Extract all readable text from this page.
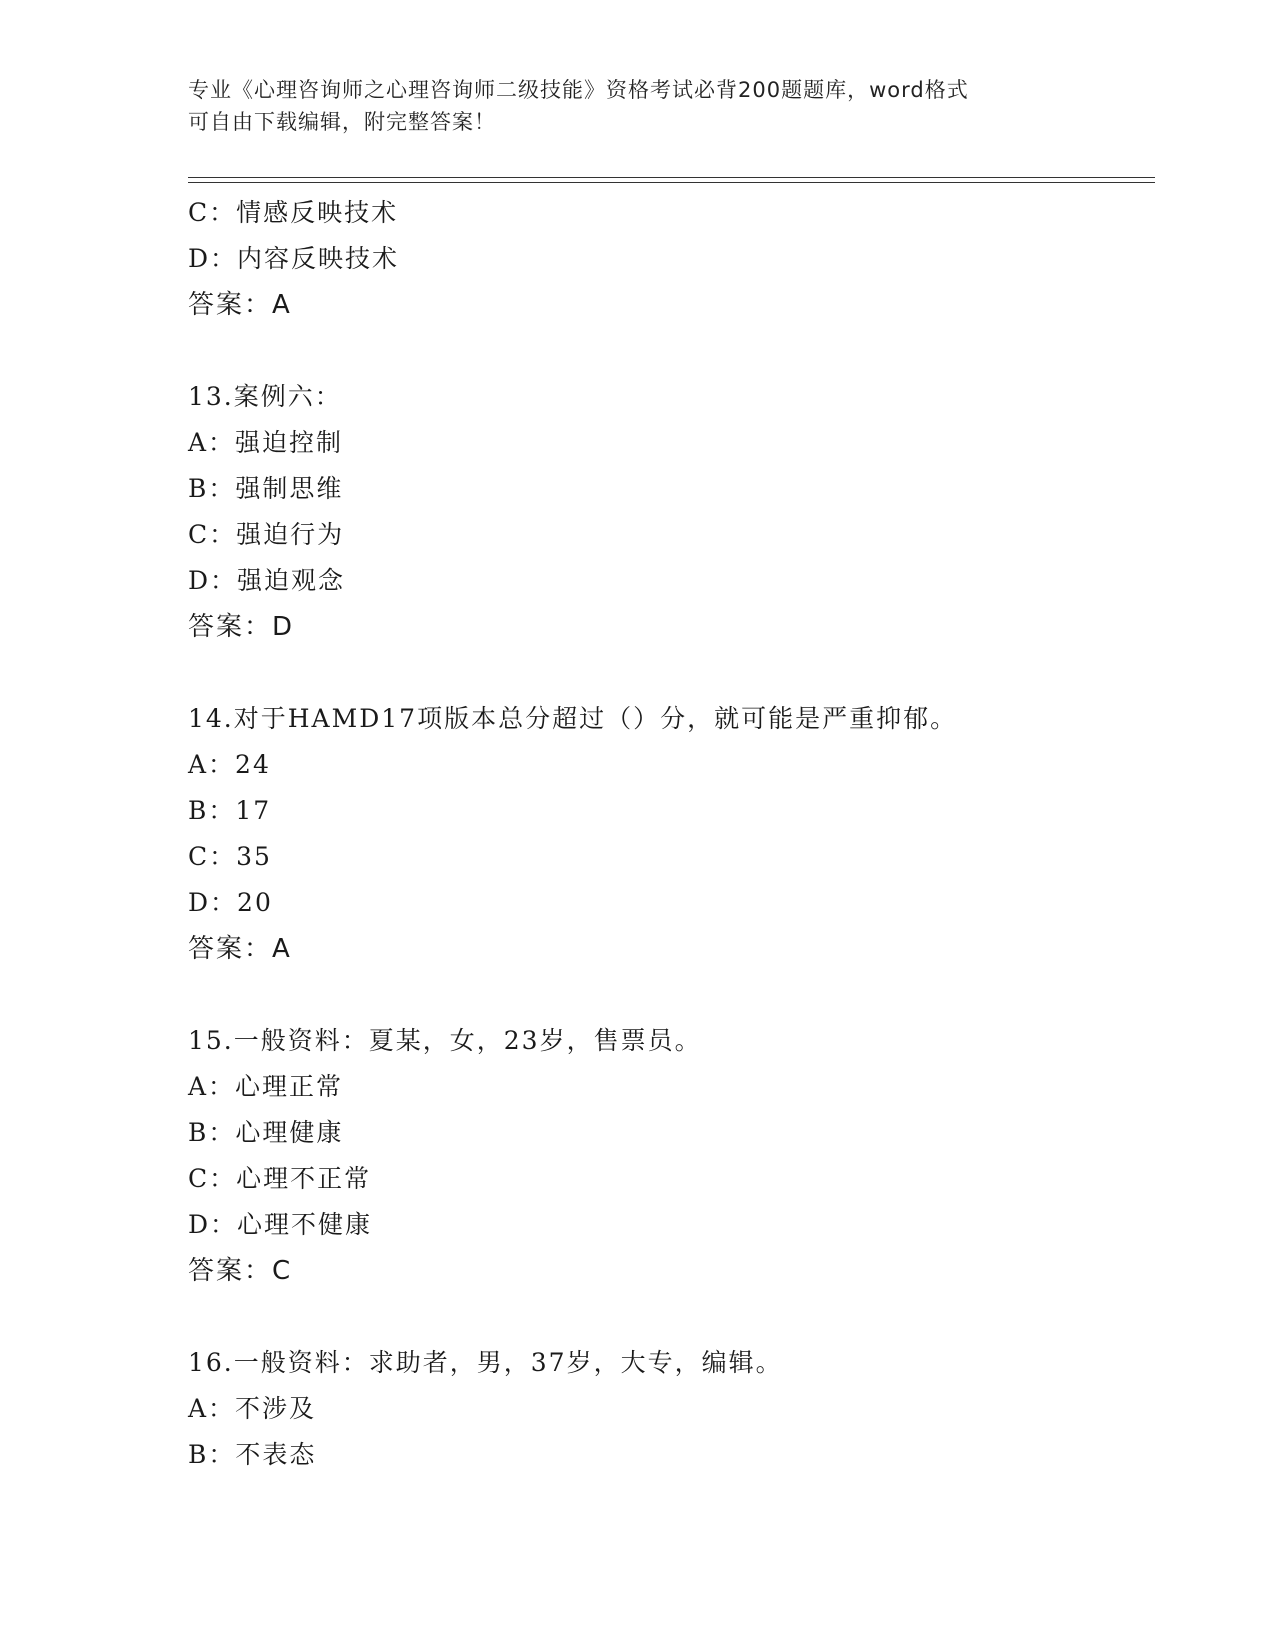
专业《心理咨询师之心理咨询师二级技能》资格考试必背200题题库，word格式
可自由下载编辑，附完整答案！
C：情感反映技术
D：内容反映技术
答案：A
13.案例六：
A：强迫控制
B：强制思维
C：强迫行为
D：强迫观念
答案：D
14.对于HAMD17项版本总分超过（）分，就可能是严重抑郁。
A：24
B：17
C：35
D：20
答案：A
15.一般资料：夏某，女，23岁，售票员。
A：心理正常
B：心理健康
C：心理不正常
D：心理不健康
答案：C
16.一般资料：求助者，男，37岁，大专，编辑。
A：不涉及
B：不表态
